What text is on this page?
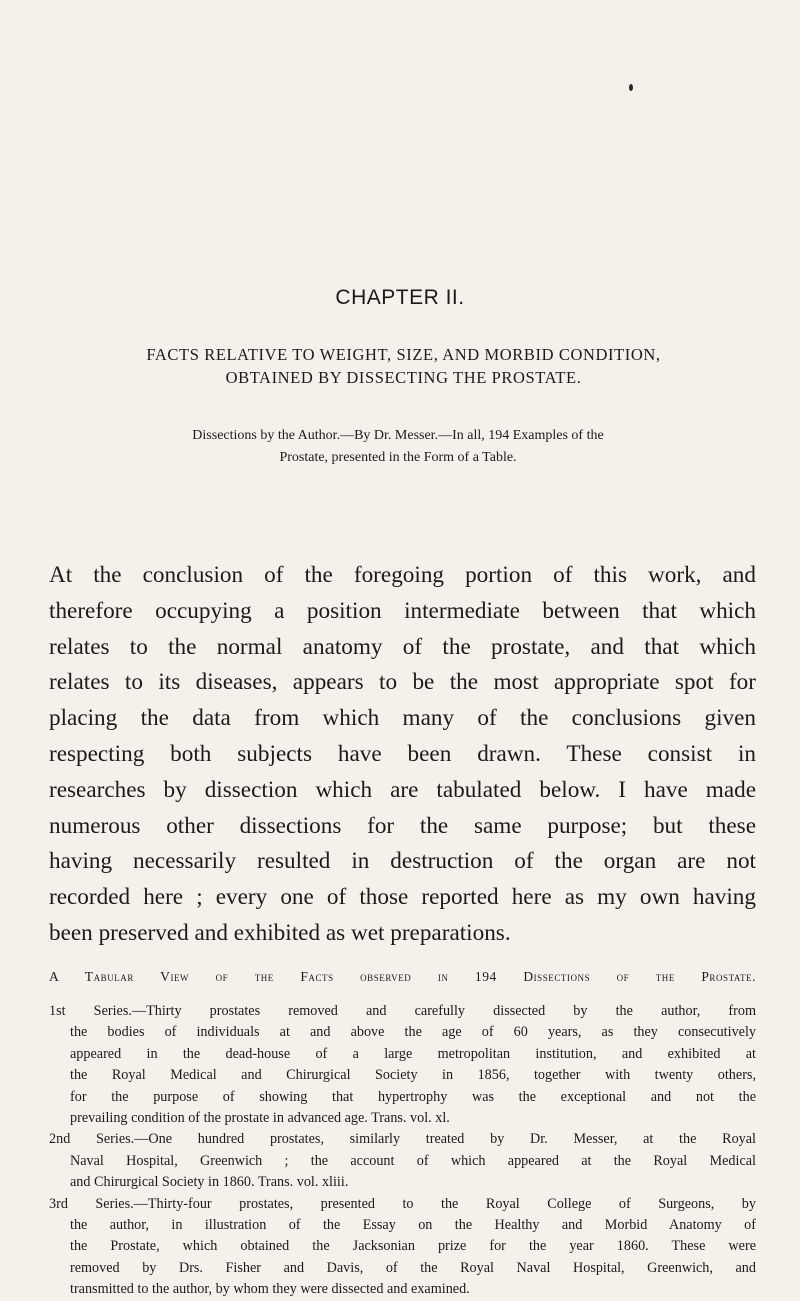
CHAPTER II.
FACTS RELATIVE TO WEIGHT, SIZE, AND MORBID CONDITION,
OBTAINED BY DISSECTING THE PROSTATE.
Dissections by the Author.—By Dr. Messer.—In all, 194 Examples of the
Prostate, presented in the Form of a Table.
At the conclusion of the foregoing portion of this work, and
therefore occupying a position intermediate between that which
relates to the normal anatomy of the prostate, and that which
relates to its diseases, appears to be the most appropriate spot for
placing the data from which many of the conclusions given
respecting both subjects have been drawn. These consist in
researches by dissection which are tabulated below. I have made
numerous other dissections for the same purpose; but these
having necessarily resulted in destruction of the organ are not
recorded here ; every one of those reported here as my own having
been preserved and exhibited as wet preparations.
A Tabular View of the Facts observed in 194 Dissections of the Prostate.
1st Series.—Thirty prostates removed and carefully dissected by the author, from
the bodies of individuals at and above the age of 60 years, as they consecutively
appeared in the dead-house of a large metropolitan institution, and exhibited at
the Royal Medical and Chirurgical Society in 1856, together with twenty others,
for the purpose of showing that hypertrophy was the exceptional and not the
prevailing condition of the prostate in advanced age. Trans. vol. xl.
2nd Series.—One hundred prostates, similarly treated by Dr. Messer, at the Royal
Naval Hospital, Greenwich ; the account of which appeared at the Royal Medical
and Chirurgical Society in 1860. Trans. vol. xliii.
3rd Series.—Thirty-four prostates, presented to the Royal College of Surgeons, by
the author, in illustration of the Essay on the Healthy and Morbid Anatomy of
the Prostate, which obtained the Jacksonian prize for the year 1860. These were
removed by Drs. Fisher and Davis, of the Royal Naval Hospital, Greenwich, and
transmitted to the author, by whom they were dissected and examined.
